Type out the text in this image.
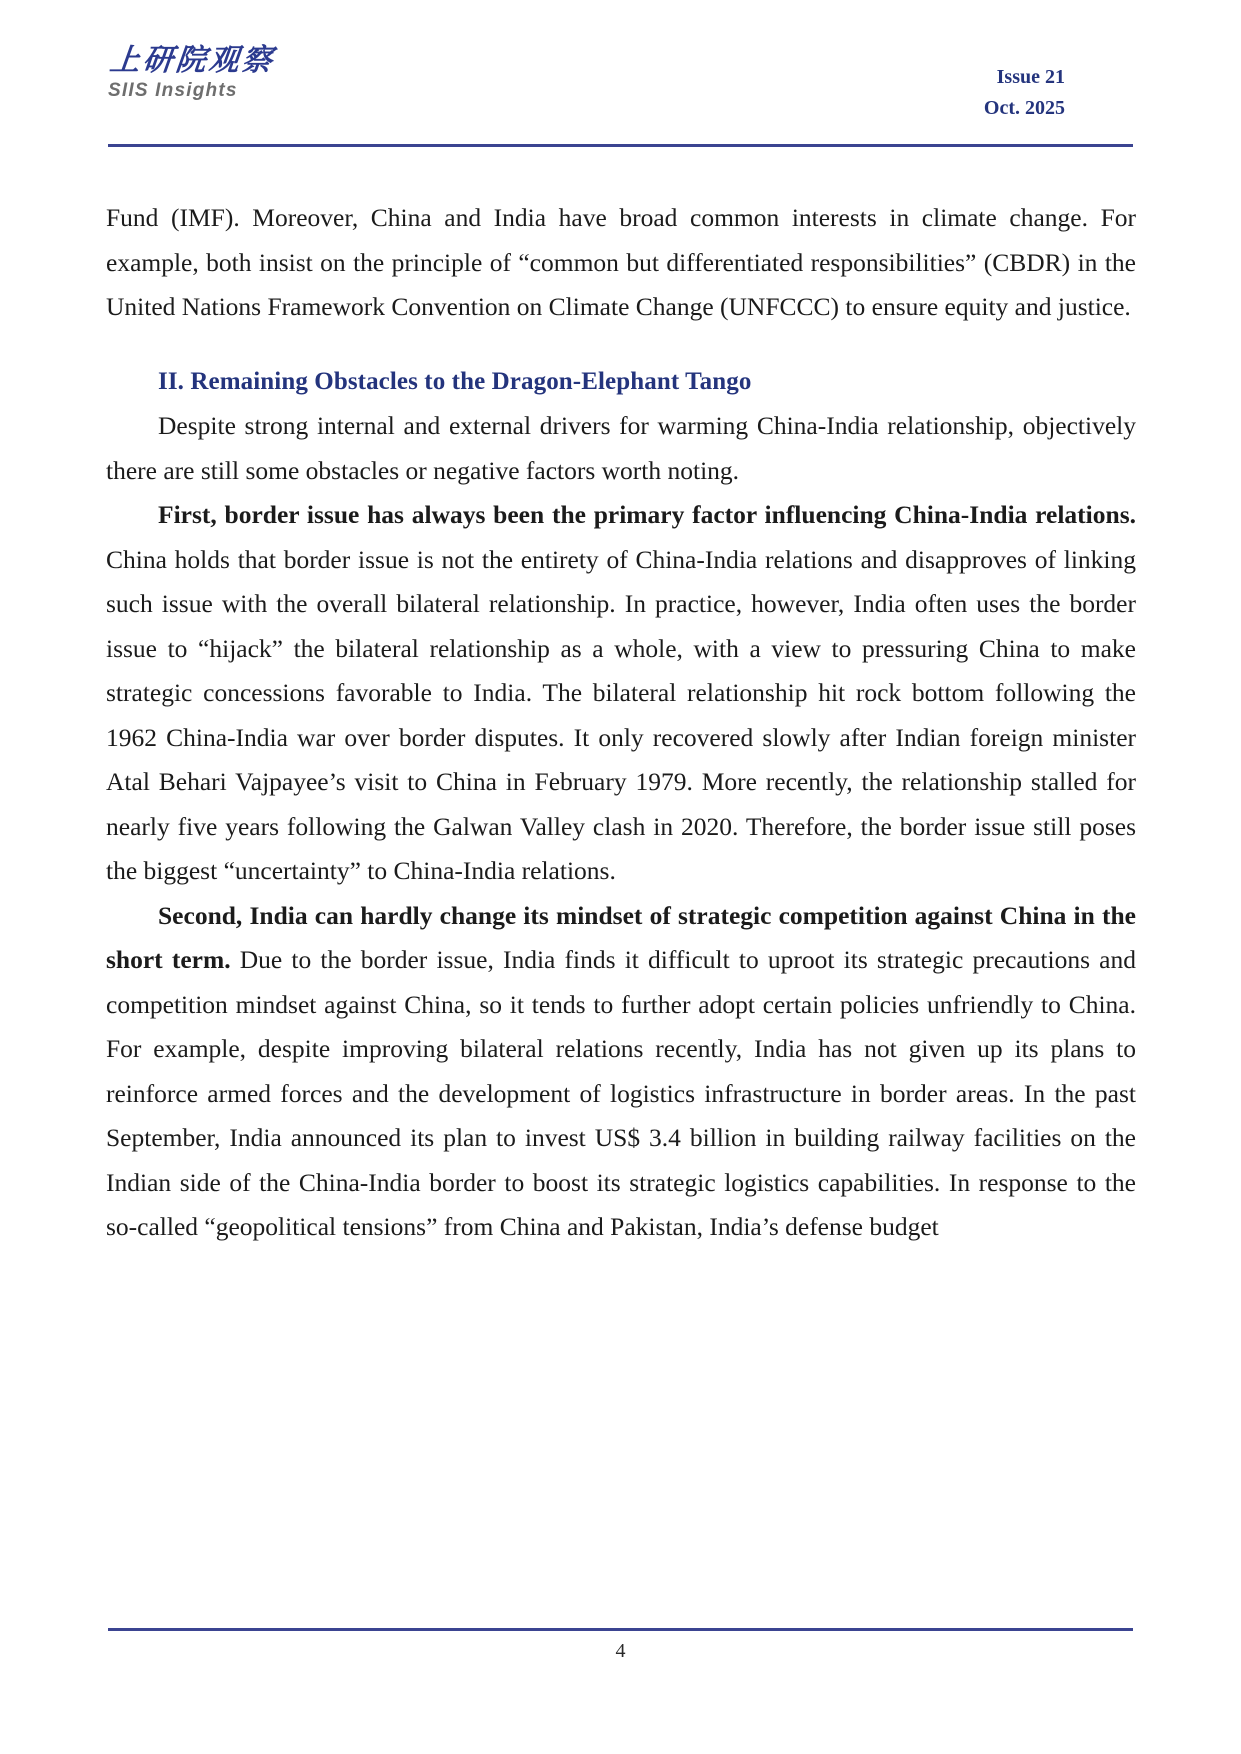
上研院观察
SIIS Insights
Issue 21
Oct. 2025

Fund (IMF). Moreover, China and India have broad common interests in climate change. For example, both insist on the principle of “common but differentiated responsibilities” (CBDR) in the United Nations Framework Convention on Climate Change (UNFCCC) to ensure equity and justice.

II. Remaining Obstacles to the Dragon-Elephant Tango

Despite strong internal and external drivers for warming China-India relationship, objectively there are still some obstacles or negative factors worth noting.

First, border issue has always been the primary factor influencing China-India relations. China holds that border issue is not the entirety of China-India relations and disapproves of linking such issue with the overall bilateral relationship. In practice, however, India often uses the border issue to “hijack” the bilateral relationship as a whole, with a view to pressuring China to make strategic concessions favorable to India. The bilateral relationship hit rock bottom following the 1962 China-India war over border disputes. It only recovered slowly after Indian foreign minister Atal Behari Vajpayee’s visit to China in February 1979. More recently, the relationship stalled for nearly five years following the Galwan Valley clash in 2020. Therefore, the border issue still poses the biggest “uncertainty” to China-India relations.

Second, India can hardly change its mindset of strategic competition against China in the short term. Due to the border issue, India finds it difficult to uproot its strategic precautions and competition mindset against China, so it tends to further adopt certain policies unfriendly to China. For example, despite improving bilateral relations recently, India has not given up its plans to reinforce armed forces and the development of logistics infrastructure in border areas. In the past September, India announced its plan to invest US$ 3.4 billion in building railway facilities on the Indian side of the China-India border to boost its strategic logistics capabilities. In response to the so-called “geopolitical tensions” from China and Pakistan, India’s defense budget

4
